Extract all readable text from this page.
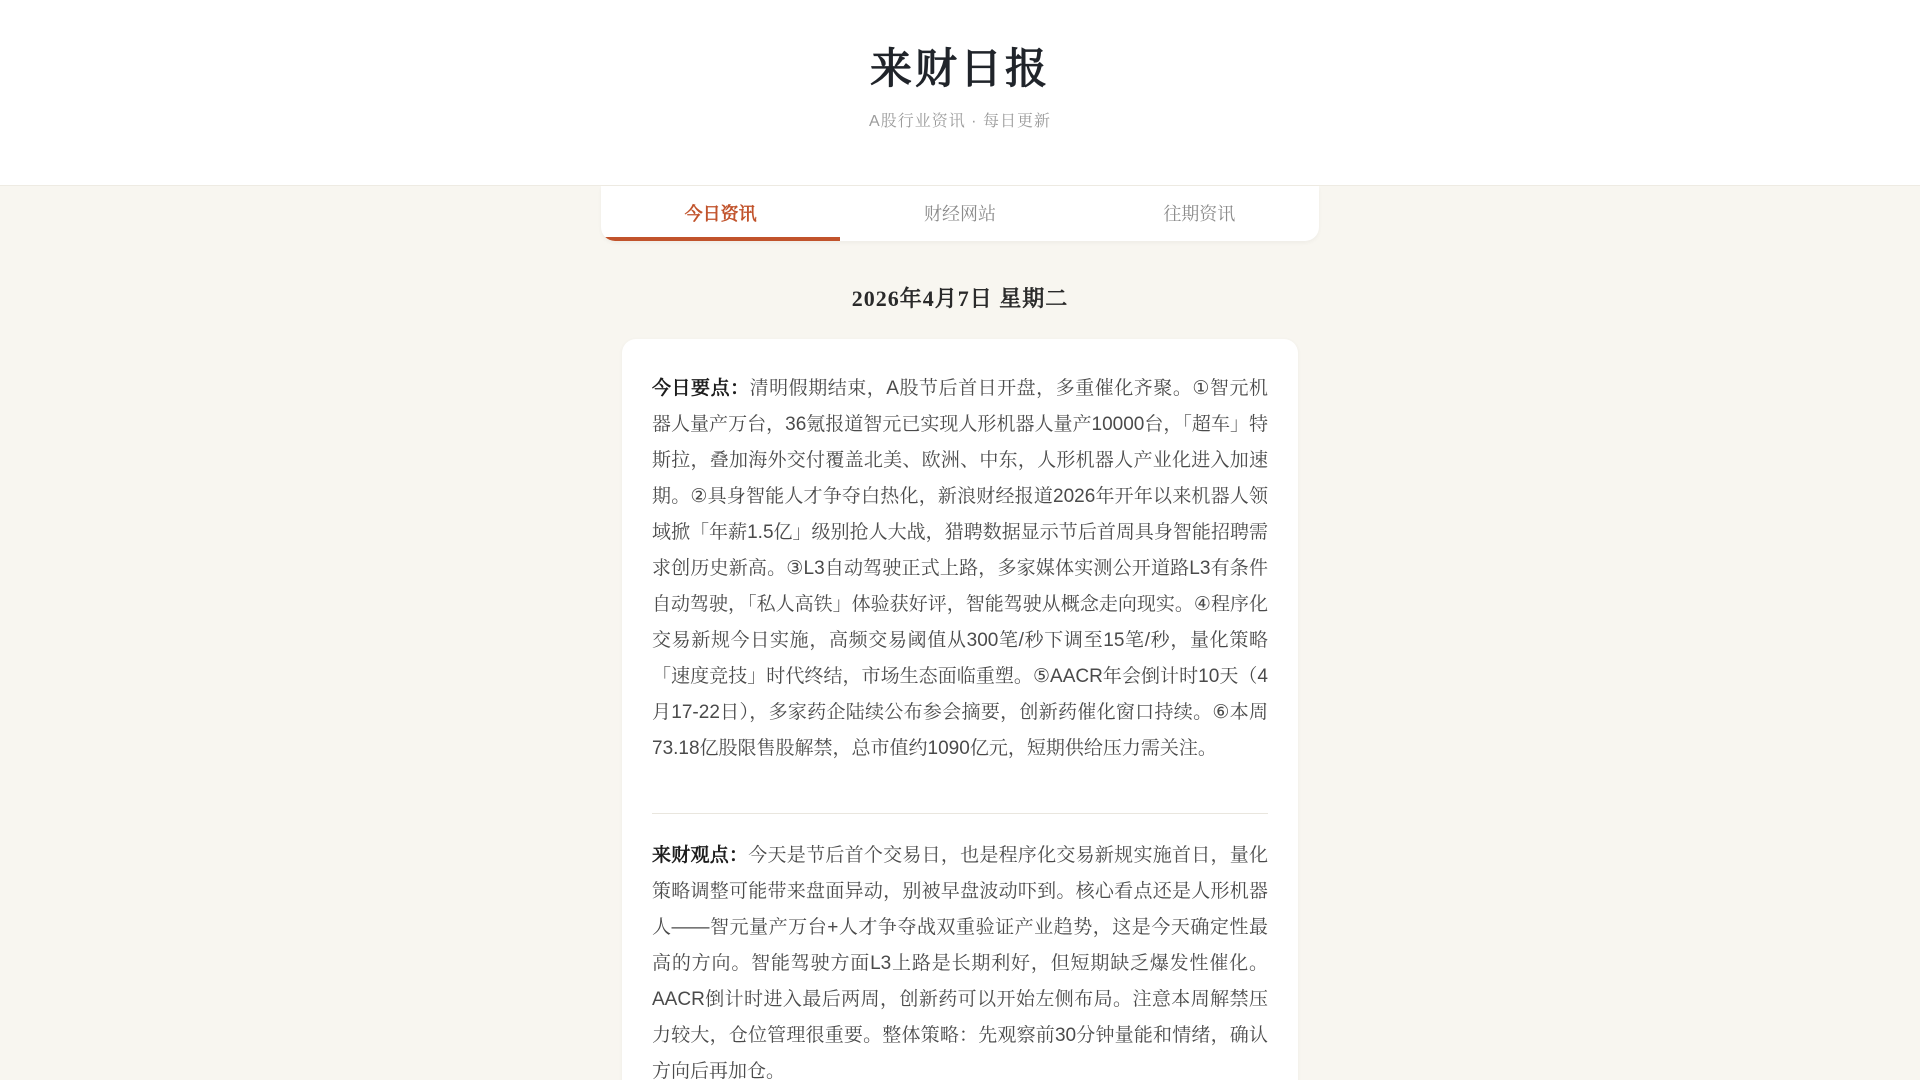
来财日报

A股行业资讯 · 每日更新

今日资讯	财经网站	往期资讯
2026年4月7日 星期二

今日要点：清明假期结束，A股节后首日开盘，多重催化齐聚。①智元机器人量产万台，36氪报道智元已实现人形机器人量产10000台，「超车」特斯拉，叠加海外交付覆盖北美、欧洲、中东，人形机器人产业化进入加速期。②具身智能人才争夺白热化，新浪财经报道2026年开年以来机器人领域掀「年薪1.5亿」级别抢人大战，猎聘数据显示节后首周具身智能招聘需求创历史新高。③L3自动驾驶正式上路，多家媒体实测公开道路L3有条件自动驾驶，「私人高铁」体验获好评，智能驾驶从概念走向现实。④程序化交易新规今日实施，高频交易阈值从300笔/秒下调至15笔/秒，量化策略「速度竞技」时代终结，市场生态面临重塑。⑤AACR年会倒计时10天（4月17-22日），多家药企陆续公布参会摘要，创新药催化窗口持续。⑥本周73.18亿股限售股解禁，总市值约1090亿元，短期供给压力需关注。

来财观点：今天是节后首个交易日，也是程序化交易新规实施首日，量化策略调整可能带来盘面异动，别被早盘波动吓到。核心看点还是人形机器人——智元量产万台+人才争夺战双重验证产业趋势，这是今天确定性最高的方向。智能驾驶方面L3上路是长期利好，但短期缺乏爆发性催化。AACR倒计时进入最后两周，创新药可以开始左侧布局。注意本周解禁压力较大，仓位管理很重要。整体策略：先观察前30分钟量能和情绪，确认方向后再加仓。
